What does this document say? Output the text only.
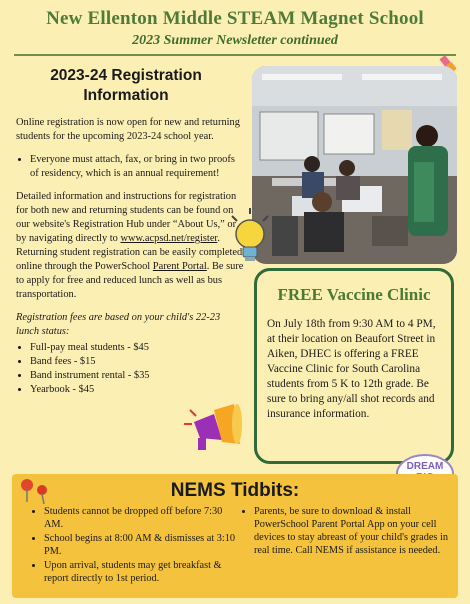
New Ellenton Middle STEAM Magnet School
2023 Summer Newsletter continued
2023-24 Registration
Information

Online registration is now open for new and returning students for the upcoming 2023-24 school year.

• Everyone must attach, fax, or bring in two proofs of residency, which is an annual requirement!

Detailed information and instructions for registration for both new and returning students can be found on our website's Registration Hub under “About Us,” or by navigating directly to www.acpsd.net/register. Returning student registration can be easily completed online through the PowerSchool Parent Portal. Be sure to apply for free and reduced lunch as well as bus transportation.

Registration fees are based on your child's 22-23 lunch status:

• Full-pay meal students - $45
• Band fees - $15
• Band instrument rental - $35
• Yearbook - $45
FREE Vaccine Clinic
On July 18th from 9:30 AM to 4 PM, at their location on Beaufort Street in Aiken, DHEC is offering a FREE Vaccine Clinic for South Carolina students from 5 K to 12th grade. Be sure to bring any/all shot records and insurance information.
DREAM
NEMS Tidbits:
• Students cannot be dropped off before 7:30 AM.
• School begins at 8:00 AM & dismisses at 3:10 PM.
• Upon arrival, students may get breakfast & report directly to 1st period.
• Parents, be sure to download & install PowerSchool Parent Portal App on your cell devices to stay abreast of your child's grades in real time. Call NEMS if assistance is needed.
